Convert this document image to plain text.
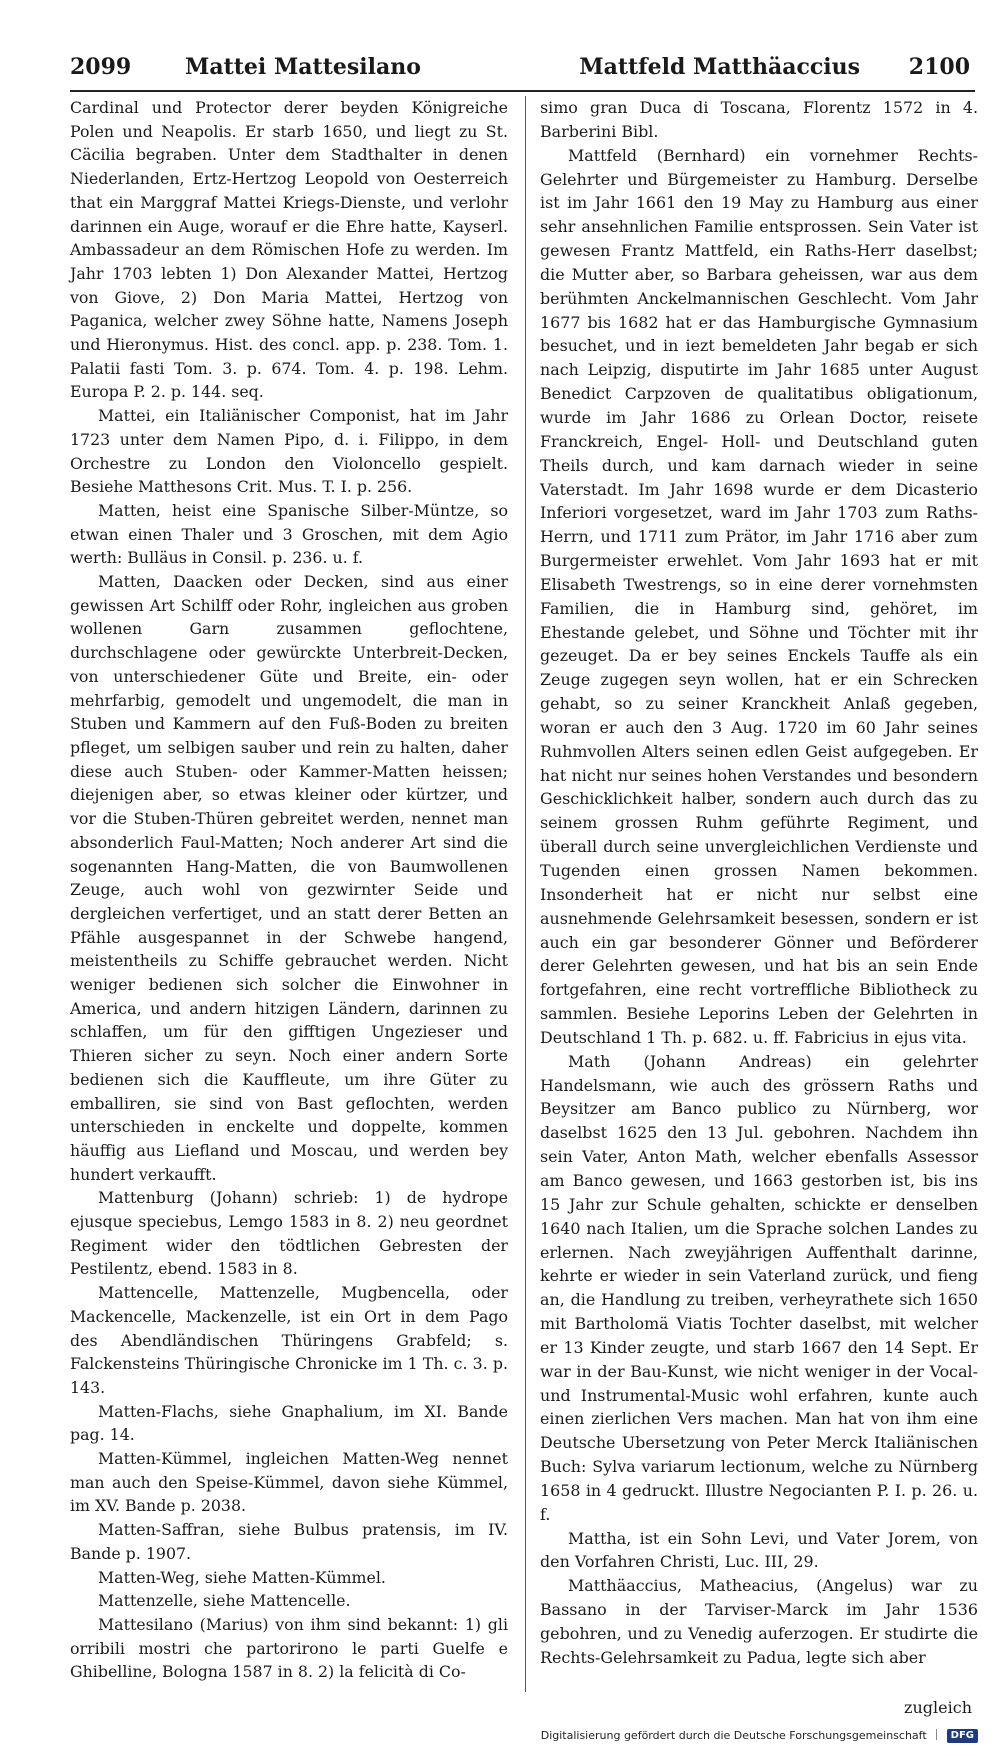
2099 Mattei Mattesilano	Mattfeld Matthäaccius 2100

Cardinal und Protector derer beyden Königreiche Polen und Neapolis. Er starb 1650, und liegt zu St. Cäcilia begraben. Unter dem Stadthalter in denen Niederlanden, Ertz-Hertzog Leopold von Oesterreich that ein Marggraf Mattei Kriegs-Dienste, und verlohr darinnen ein Auge, worauf er die Ehre hatte, Kayserl. Ambassadeur an dem Römischen Hofe zu werden. Im Jahr 1703 lebten 1) Don Alexander Mattei, Hertzog von Giove, 2) Don Maria Mattei, Hertzog von Paganica, welcher zwey Söhne hatte, Namens Joseph und Hieronymus. Hist. des concl. app. p. 238. Tom. 1. Palatii fasti Tom. 3. p. 674. Tom. 4. p. 198. Lehm. Europa P. 2. p. 144. seq.

Mattei, ein Italiänischer Componist, hat im Jahr 1723 unter dem Namen Pipo, d. i. Filippo, in dem Orchestre zu London den Violoncello gespielt. Besiehe Matthesons Crit. Mus. T. I. p. 256.

Matten, heist eine Spanische Silber-Müntze, so etwan einen Thaler und 3 Groschen, mit dem Agio werth: Bulläus in Consil. p. 236. u. f.

Matten, Daacken oder Decken, sind aus einer gewissen Art Schilff oder Rohr, ingleichen aus groben wollenen Garn zusammen geflochtene, durchschlagene oder gewürckte Unterbreit-Decken, von unterschiedener Güte und Breite, ein- oder mehrfarbig, gemodelt und ungemodelt, die man in Stuben und Kammern auf den Fuß-Boden zu breiten pfleget, um selbigen sauber und rein zu halten, daher diese auch Stuben- oder Kammer-Matten heissen; diejenigen aber, so etwas kleiner oder kürtzer, und vor die Stuben-Thüren gebreitet werden, nennet man absonderlich Faul-Matten; Noch anderer Art sind die sogenannten Hang-Matten, die von Baumwollenen Zeuge, auch wohl von gezwirnter Seide und dergleichen verfertiget, und an statt derer Betten an Pfähle ausgespannet in der Schwebe hangend, meistentheils zu Schiffe gebrauchet werden. Nicht weniger bedienen sich solcher die Einwohner in America, und andern hitzigen Ländern, darinnen zu schlaffen, um für den gifftigen Ungezieser und Thieren sicher zu seyn. Noch einer andern Sorte bedienen sich die Kauffleute, um ihre Güter zu emballiren, sie sind von Bast geflochten, werden unterschieden in enckelte und doppelte, kommen häuffig aus Liefland und Moscau, und werden bey hundert verkaufft.

Mattenburg (Johann) schrieb: 1) de hydrope ejusque speciebus, Lemgo 1583 in 8. 2) neu geordnet Regiment wider den tödtlichen Gebresten der Pestilentz, ebend. 1583 in 8.

Mattencelle, Mattenzelle, Mugbencella, oder Mackencelle, Mackenzelle, ist ein Ort in dem Pago des Abendländischen Thüringens Grabfeld; s. Falckensteins Thüringische Chronicke im 1 Th. c. 3. p. 143.

Matten-Flachs, siehe Gnaphalium, im XI. Bande pag. 14.

Matten-Kümmel, ingleichen Matten-Weg nennet man auch den Speise-Kümmel, davon siehe Kümmel, im XV. Bande p. 2038.

Matten-Saffran, siehe Bulbus pratensis, im IV. Bande p. 1907.

Matten-Weg, siehe Matten-Kümmel.

Mattenzelle, siehe Mattencelle.

Mattesilano (Marius) von ihm sind bekannt: 1) gli orribili mostri che partorirono le parti Guelfe e Ghibelline, Bologna 1587 in 8. 2) la felicità di Co-

simo gran Duca di Toscana, Florentz 1572 in 4. Barberini Bibl.

Mattfeld (Bernhard) ein vornehmer Rechts-Gelehrter und Bürgemeister zu Hamburg. Derselbe ist im Jahr 1661 den 19 May zu Hamburg aus einer sehr ansehnlichen Familie entsprossen. Sein Vater ist gewesen Frantz Mattfeld, ein Raths-Herr daselbst; die Mutter aber, so Barbara geheissen, war aus dem berühmten Anckelmannischen Geschlecht. Vom Jahr 1677 bis 1682 hat er das Hamburgische Gymnasium besuchet, und in iezt bemeldeten Jahr begab er sich nach Leipzig, disputirte im Jahr 1685 unter August Benedict Carpzoven de qualitatibus obligationum, wurde im Jahr 1686 zu Orlean Doctor, reisete Franckreich, Engel- Holl- und Deutschland guten Theils durch, und kam darnach wieder in seine Vaterstadt. Im Jahr 1698 wurde er dem Dicasterio Inferiori vorgesetzet, ward im Jahr 1703 zum Raths-Herrn, und 1711 zum Prätor, im Jahr 1716 aber zum Burgermeister erwehlet. Vom Jahr 1693 hat er mit Elisabeth Twestrengs, so in eine derer vornehmsten Familien, die in Hamburg sind, gehöret, im Ehestande gelebet, und Söhne und Töchter mit ihr gezeuget. Da er bey seines Enckels Tauffe als ein Zeuge zugegen seyn wollen, hat er ein Schrecken gehabt, so zu seiner Kranckheit Anlaß gegeben, woran er auch den 3 Aug. 1720 im 60 Jahr seines Ruhmvollen Alters seinen edlen Geist aufgegeben. Er hat nicht nur seines hohen Verstandes und besondern Geschicklichkeit halber, sondern auch durch das zu seinem grossen Ruhm geführte Regiment, und überall durch seine unvergleichlichen Verdienste und Tugenden einen grossen Namen bekommen. Insonderheit hat er nicht nur selbst eine ausnehmende Gelehrsamkeit besessen, sondern er ist auch ein gar besonderer Gönner und Beförderer derer Gelehrten gewesen, und hat bis an sein Ende fortgefahren, eine recht vortreffliche Bibliotheck zu sammlen. Besiehe Leporins Leben der Gelehrten in Deutschland 1 Th. p. 682. u. ff. Fabricius in ejus vita.

Math (Johann Andreas) ein gelehrter Handelsmann, wie auch des grössern Raths und Beysitzer am Banco publico zu Nürnberg, wor daselbst 1625 den 13 Jul. gebohren. Nachdem ihn sein Vater, Anton Math, welcher ebenfalls Assessor am Banco gewesen, und 1663 gestorben ist, bis ins 15 Jahr zur Schule gehalten, schickte er denselben 1640 nach Italien, um die Sprache solchen Landes zu erlernen. Nach zweyjährigen Auffenthalt darinne, kehrte er wieder in sein Vaterland zurück, und fieng an, die Handlung zu treiben, verheyrathete sich 1650 mit Bartholomä Viatis Tochter daselbst, mit welcher er 13 Kinder zeugte, und starb 1667 den 14 Sept. Er war in der Bau-Kunst, wie nicht weniger in der Vocal- und Instrumental-Music wohl erfahren, kunte auch einen zierlichen Vers machen. Man hat von ihm eine Deutsche Ubersetzung von Peter Merck Italiänischen Buch: Sylva variarum lectionum, welche zu Nürnberg 1658 in 4 gedruckt. Illustre Negocianten P. I. p. 26. u. f.

Mattha, ist ein Sohn Levi, und Vater Jorem, von den Vorfahren Christi, Luc. III, 29.

Matthäaccius, Matheacius, (Angelus) war zu Bassano in der Tarviser-Marck im Jahr 1536 gebohren, und zu Venedig auferzogen. Er studirte die Rechts-Gelehrsamkeit zu Padua, legte sich aber

zugleich
Digitalisierung gefördert durch die Deutsche Forschungsgemeinschaft DFG
